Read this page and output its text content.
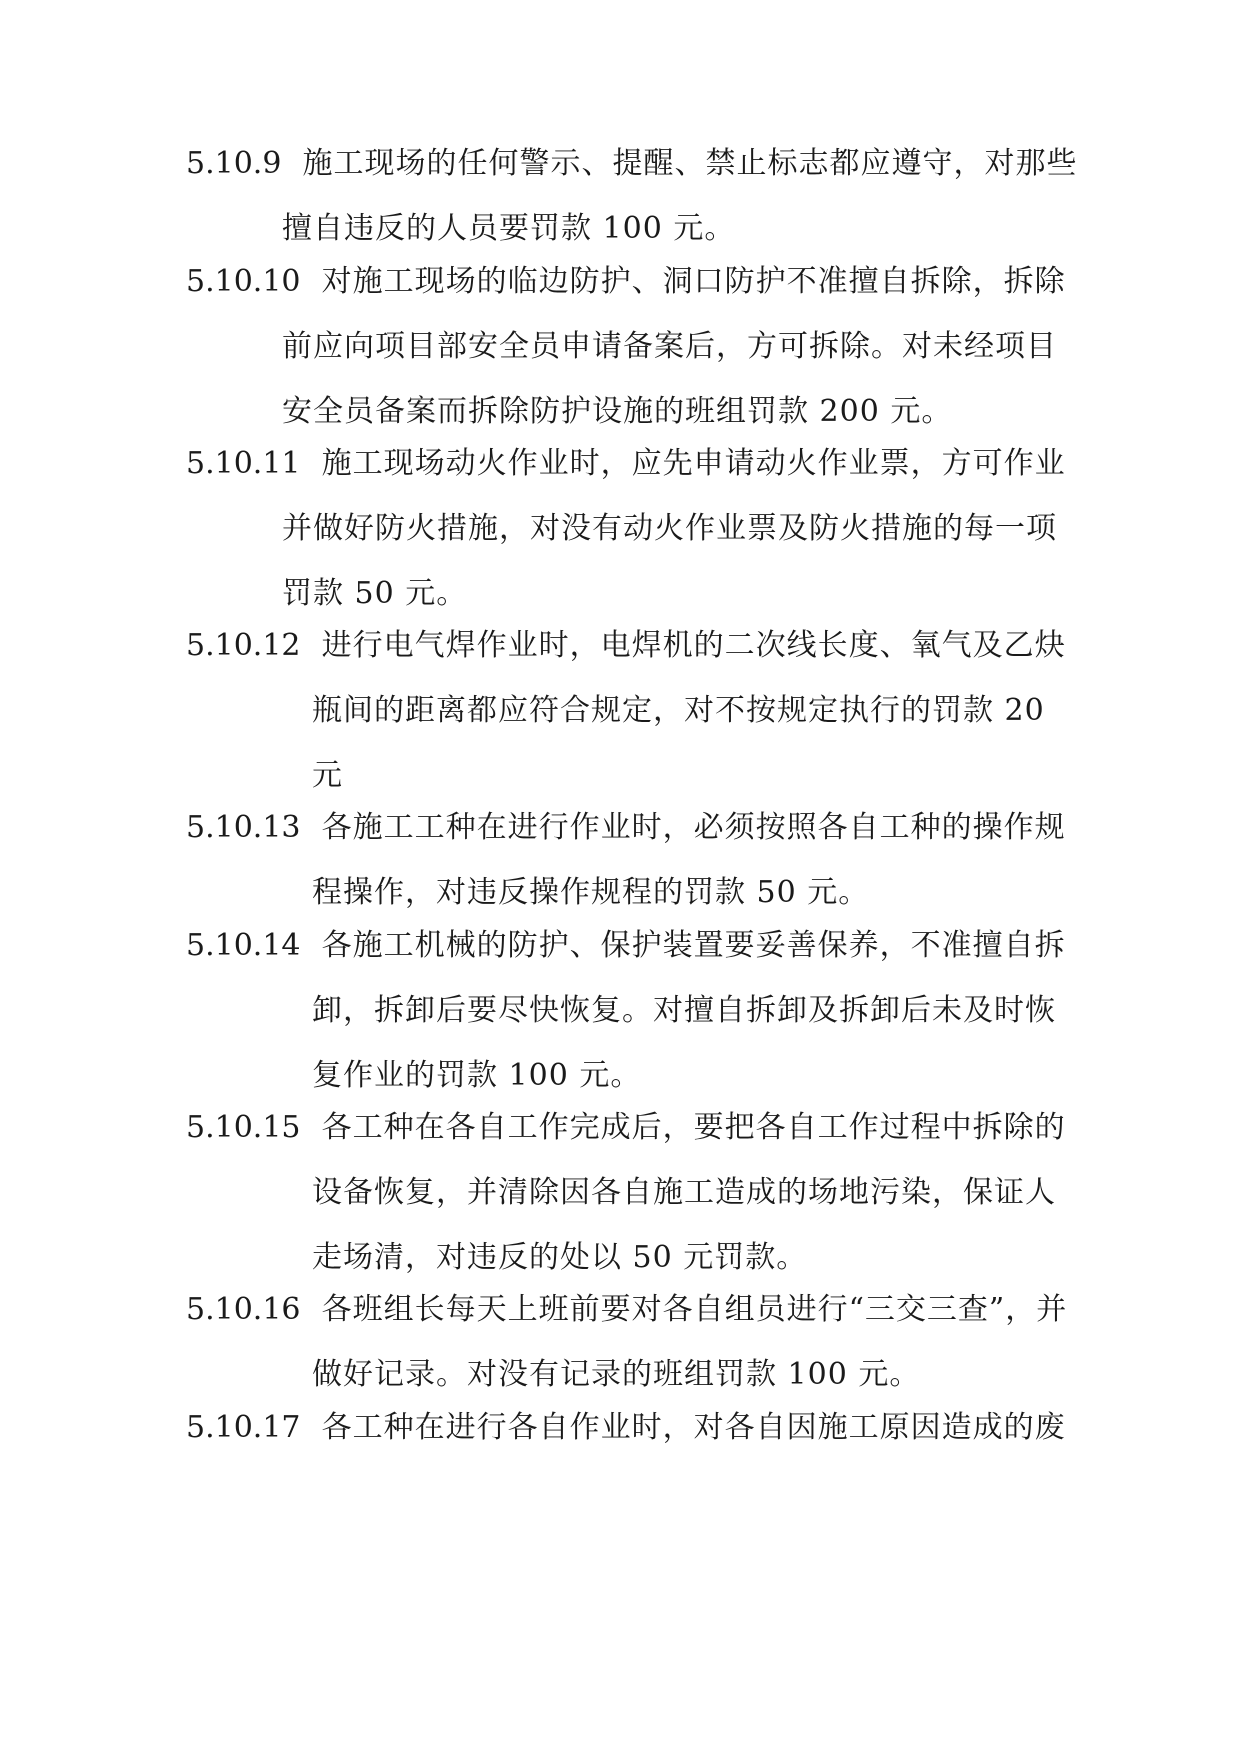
5.10.9 施工现场的任何警示、提醒、禁止标志都应遵守，对那些
擅自违反的人员要罚款 100 元。
5.10.10 对施工现场的临边防护、洞口防护不准擅自拆除，拆除
前应向项目部安全员申请备案后，方可拆除。对未经项目
安全员备案而拆除防护设施的班组罚款 200 元。
5.10.11 施工现场动火作业时，应先申请动火作业票，方可作业
并做好防火措施，对没有动火作业票及防火措施的每一项
罚款 50 元。
5.10.12 进行电气焊作业时，电焊机的二次线长度、氧气及乙炔
瓶间的距离都应符合规定，对不按规定执行的罚款 20
元
5.10.13 各施工工种在进行作业时，必须按照各自工种的操作规
程操作，对违反操作规程的罚款 50 元。
5.10.14 各施工机械的防护、保护装置要妥善保养，不准擅自拆
卸，拆卸后要尽快恢复。对擅自拆卸及拆卸后未及时恢
复作业的罚款 100 元。
5.10.15 各工种在各自工作完成后，要把各自工作过程中拆除的
设备恢复，并清除因各自施工造成的场地污染，保证人
走场清，对违反的处以 50 元罚款。
5.10.16 各班组长每天上班前要对各自组员进行“三交三查”，并
做好记录。对没有记录的班组罚款 100 元。
5.10.17 各工种在进行各自作业时，对各自因施工原因造成的废
